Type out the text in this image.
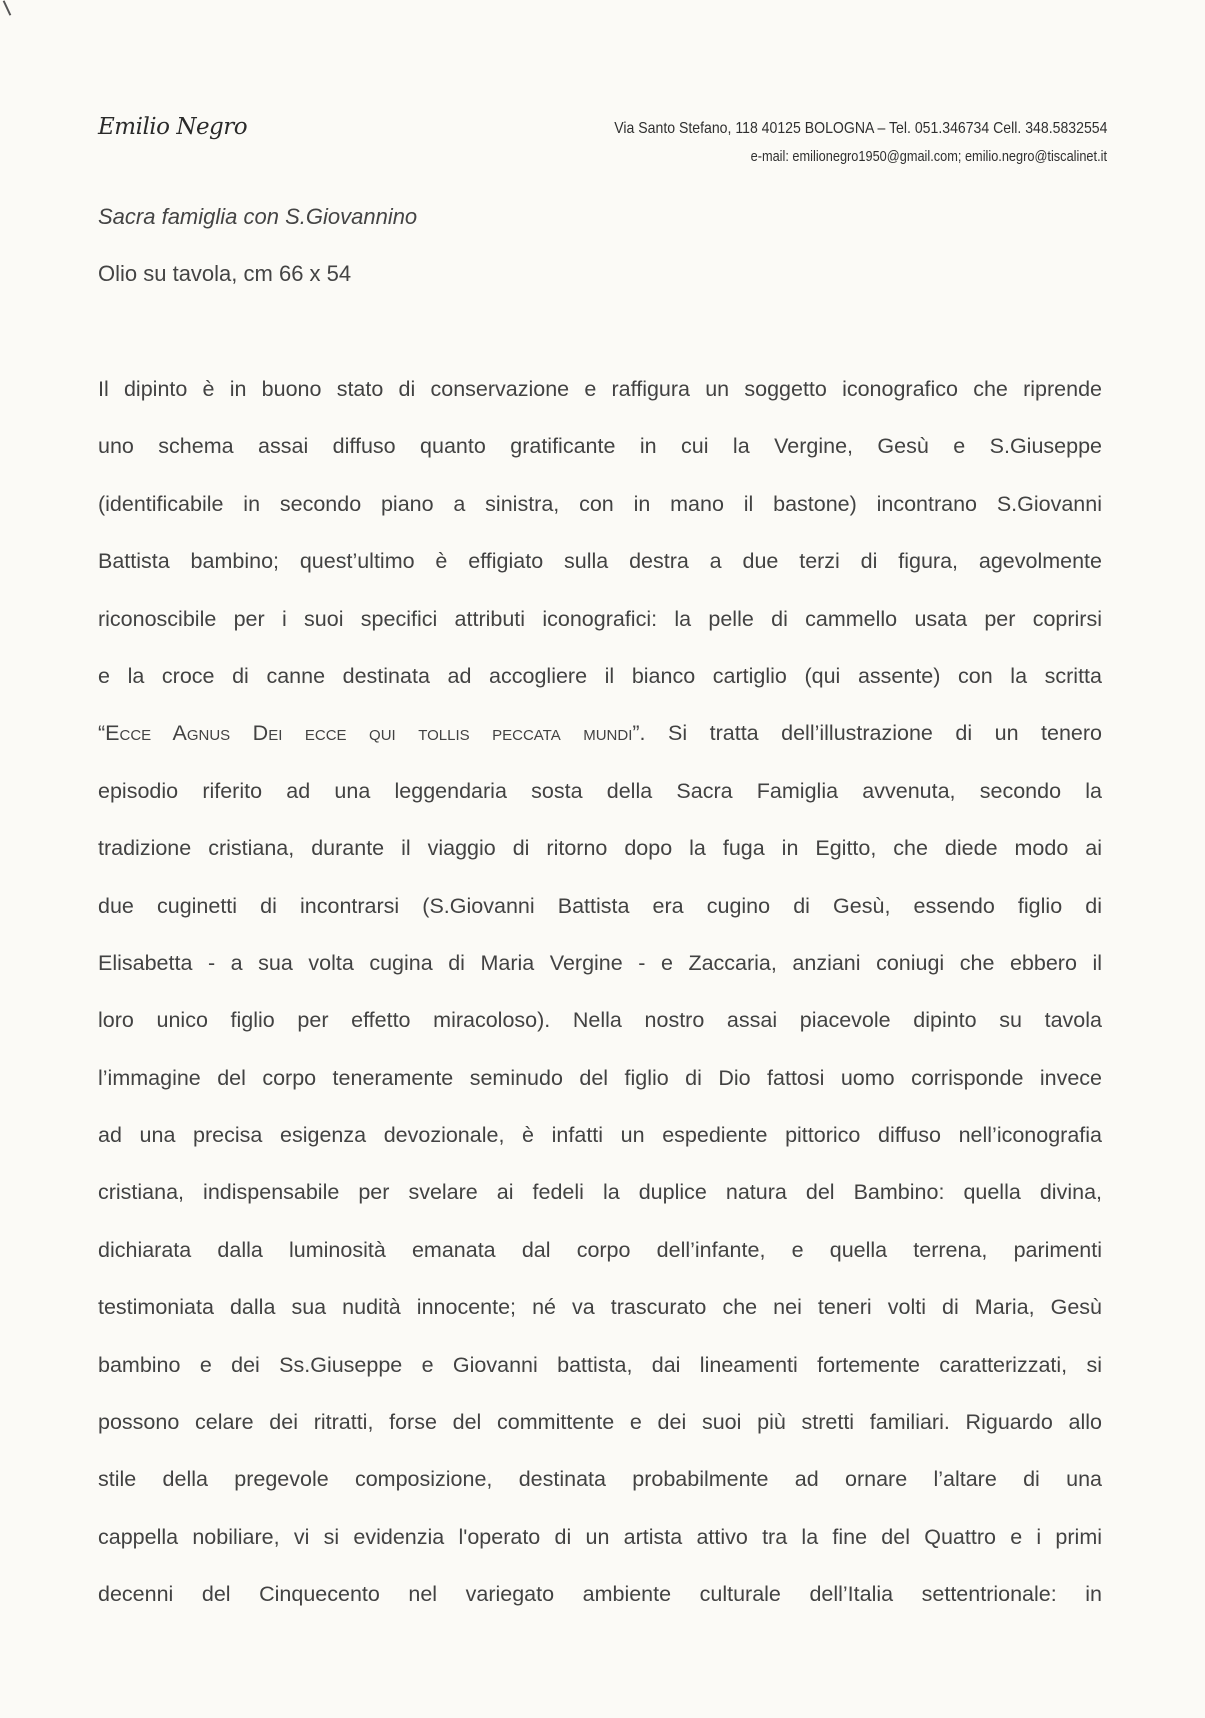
Emilio Negro	Via Santo Stefano, 118 40125 BOLOGNA – Tel. 051.346734 Cell. 348.5832554
e-mail: emilionegro1950@gmail.com; emilio.negro@tiscalinet.it
Sacra famiglia con S.Giovannino
Olio su tavola, cm 66 x 54
Il dipinto è in buono stato di conservazione e raffigura un soggetto iconografico che riprende
uno schema assai diffuso quanto gratificante in cui la Vergine, Gesù e S.Giuseppe
(identificabile in secondo piano a sinistra, con in mano il bastone) incontrano S.Giovanni
Battista bambino; quest’ultimo è effigiato sulla destra a due terzi di figura, agevolmente
riconoscibile per i suoi specifici attributi iconografici: la pelle di cammello usata per coprirsi
e la croce di canne destinata ad accogliere il bianco cartiglio (qui assente) con la scritta
“Ecce Agnus Dei ecce qui tollis peccata mundi”. Si tratta dell’illustrazione di un tenero
episodio riferito ad una leggendaria sosta della Sacra Famiglia avvenuta, secondo la
tradizione cristiana, durante il viaggio di ritorno dopo la fuga in Egitto, che diede modo ai
due cuginetti di incontrarsi (S.Giovanni Battista era cugino di Gesù, essendo figlio di
Elisabetta - a sua volta cugina di Maria Vergine - e Zaccaria, anziani coniugi che ebbero il
loro unico figlio per effetto miracoloso). Nella nostro assai piacevole dipinto su tavola
l’immagine del corpo teneramente seminudo del figlio di Dio fattosi uomo corrisponde invece
ad una precisa esigenza devozionale, è infatti un espediente pittorico diffuso nell’iconografia
cristiana, indispensabile per svelare ai fedeli la duplice natura del Bambino: quella divina,
dichiarata dalla luminosità emanata dal corpo dell’infante, e quella terrena, parimenti
testimoniata dalla sua nudità innocente; né va trascurato che nei teneri volti di Maria, Gesù
bambino e dei Ss.Giuseppe e Giovanni battista, dai lineamenti fortemente caratterizzati, si
possono celare dei ritratti, forse del committente e dei suoi più stretti familiari. Riguardo allo
stile della pregevole composizione, destinata probabilmente ad ornare l’altare di una
cappella nobiliare, vi si evidenzia l'operato di un artista attivo tra la fine del Quattro e i primi
decenni del Cinquecento nel variegato ambiente culturale dell’Italia settentrionale: in
